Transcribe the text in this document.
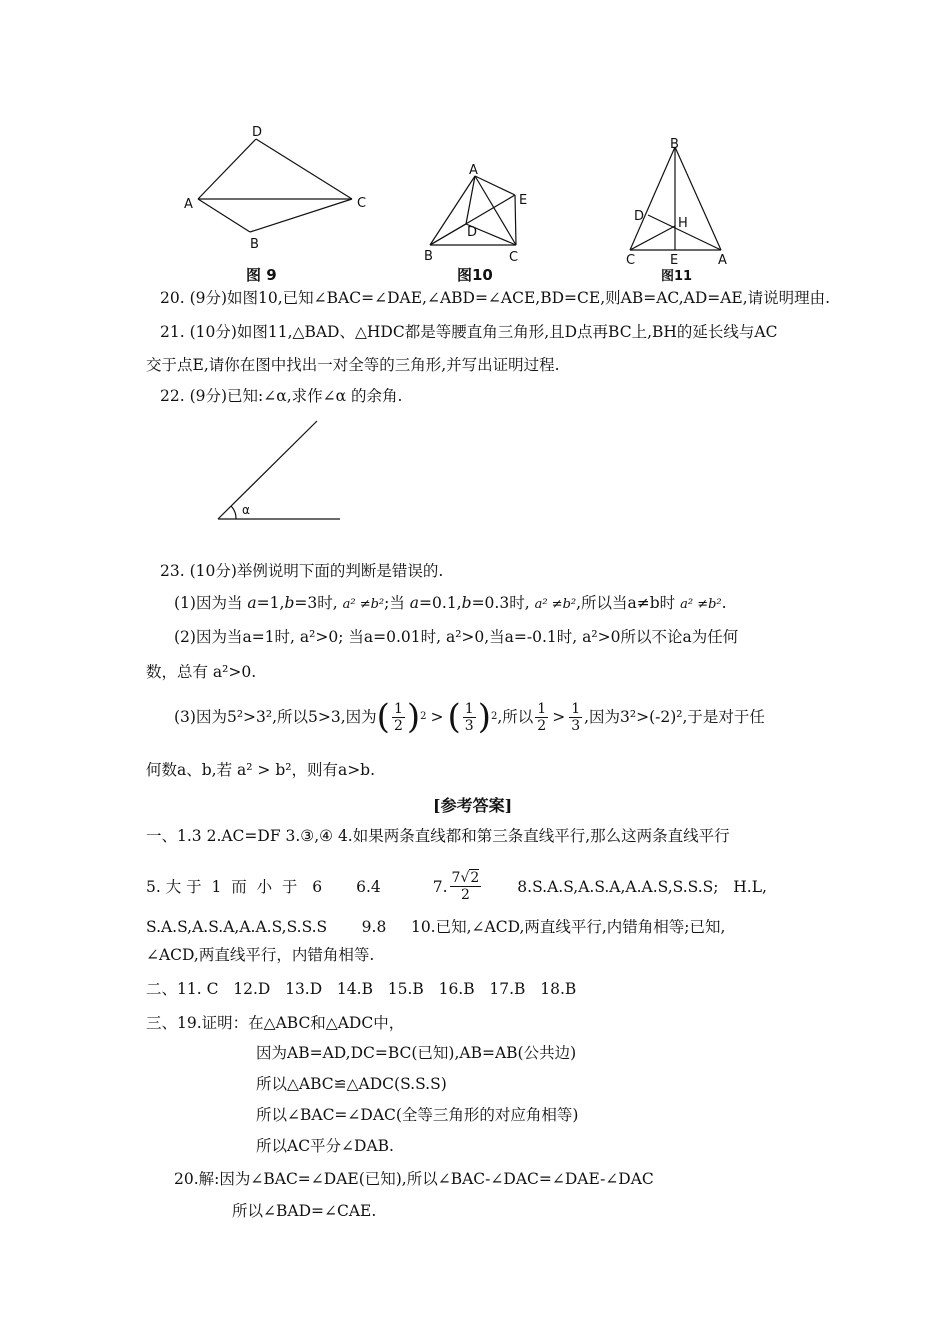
D
A	C
B
图 9
A
E
D
B	C
图10
B
D	H
C	E	A
图11
20. (9分)如图10,已知∠BAC=∠DAE,∠ABD=∠ACE,BD=CE,则AB=AC,AD=AE,请说明理由.
21. (10分)如图11,△BAD、△HDC都是等腰直角三角形,且D点再BC上,BH的延长线与AC
交于点E,请你在图中找出一对全等的三角形,并写出证明过程.
22. (9分)已知:∠α,求作∠α 的余角.
α
23. (10分)举例说明下面的判断是错误的.
(1)因为当 a=1,b=3时, a² ≠b²;当 a=0.1,b=0.3时, a² ≠b²,所以当a≠b时 a² ≠b².
(2)因为当a=1时, a²>0; 当a=0.01时, a²>0,当a=-0.1时, a²>0所以不论a为任何
数，总有 a²>0.
(3)因为5²>3²,所以5>3,因为 ( $\frac{1}{2}$ ) 2 > ( $\frac{1}{3}$ ) 2 ,所以 $\frac{1}{2} > \frac{1}{3}$ ,因为3²>(-2)²,于是对于任
何数a、b,若 a² > b²，则有a>b.
[参考答案]
一、1.3 2.AC=DF 3.③,④ 4.如果两条直线都和第三条直线平行,那么这两条直线平行
5. 大 于  1  而  小  于   6 6.4	7. $\frac{7√2}{2} 8.S.A.S,A.S.A,A.A.S,S.S.S$;   H.L,
S.A.S,A.S.A,A.A.S,S.S.S       9.8     10.已知,∠ACD,两直线平行,内错角相等;已知,
∠ACD,两直线平行，内错角相等.
二、11. C   12.D   13.D   14.B   15.B   16.B   17.B   18.B
三、19.证明：在△ABC和△ADC中，
因为AB=AD,DC=BC(已知),AB=AB(公共边)
所以△ABC≌△ADC(S.S.S)
所以∠BAC=∠DAC(全等三角形的对应角相等)
所以AC平分∠DAB.
20.解:因为∠BAC=∠DAE(已知),所以∠BAC-∠DAC=∠DAE-∠DAC
所以∠BAD=∠CAE.
